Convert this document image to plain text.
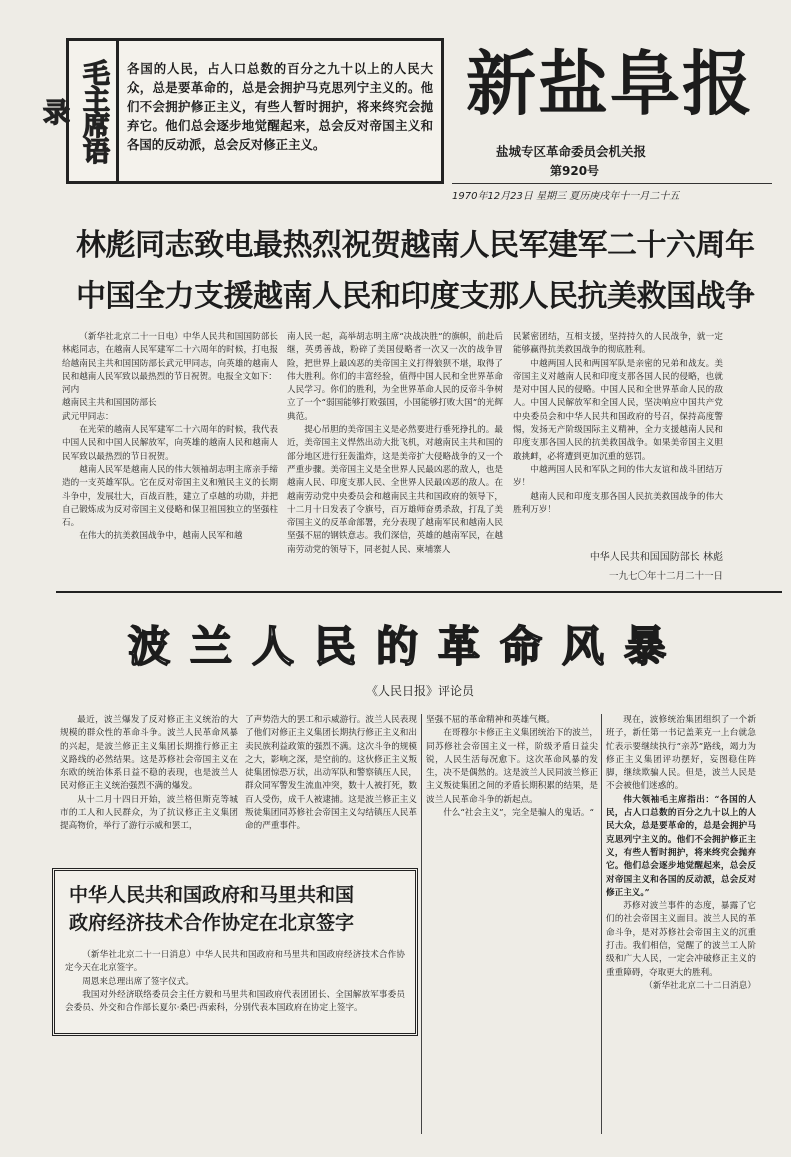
毛主席语录
各国的人民，占人口总数的百分之九十以上的人民大众，总是要革命的，总是会拥护马克思列宁主义的。他们不会拥护修正主义，有些人暂时拥护，将来终究会抛弃它。他们总会逐步地觉醒起来，总会反对帝国主义和各国的反动派，总会反对修正主义。
新盐阜报
盐城专区革命委员会机关报
第920号
1970年12月23日 星期三 夏历庚戌年十一月二十五
林彪同志致电最热烈祝贺越南人民军建军二十六周年
中国全力支援越南人民和印度支那人民抗美救国战争

（新华社北京二十一日电）中华人民共和国国防部长林彪同志，在越南人民军建军二十六周年的时候，打电报给越南民主共和国国防部长武元甲同志，向英雄的越南人民和越南人民军致以最热烈的节日祝贺。电报全文如下：

河内

越南民主共和国国防部长

武元甲同志：

在光荣的越南人民军建军二十六周年的时候，我代表中国人民和中国人民解放军，向英雄的越南人民和越南人民军致以最热烈的节日祝贺。

越南人民军是越南人民的伟大领袖胡志明主席亲手缔造的一支英雄军队。它在反对帝国主义和殖民主义的长期斗争中，发展壮大，百战百胜，建立了卓越的功勋，并把自己锻炼成为反对帝国主义侵略和保卫祖国独立的坚强柱石。

在伟大的抗美救国战争中，越南人民军和越

南人民一起，高举胡志明主席“决战决胜”的旗帜，前赴后继，英勇善战，粉碎了美国侵略者一次又一次的战争冒险，把世界上最凶恶的美帝国主义打得狼狈不堪，取得了伟大胜利。你们的丰富经验，值得中国人民和全世界革命人民学习。你们的胜利，为全世界革命人民的反帝斗争树立了一个“弱国能够打败强国，小国能够打败大国”的光辉典范。

提心吊胆的美帝国主义是必然要进行垂死挣扎的。最近，美帝国主义悍然出动大批飞机，对越南民主共和国的部分地区进行狂轰滥炸，这是美帝扩大侵略战争的又一个严重步骤。美帝国主义是全世界人民最凶恶的敌人，也是越南人民、印度支那人民、全世界人民最凶恶的敌人。在越南劳动党中央委员会和越南民主共和国政府的领导下，十二月十日发表了令旗号，百万雄师奋勇杀敌，打乱了美帝国主义的反革命部署，充分表现了越南军民和越南人民坚强不屈的钢铁意志。我们深信，英雄的越南军民，在越南劳动党的领导下，同老挝人民、柬埔寨人

民紧密团结，互相支援，坚持持久的人民战争，就一定能够赢得抗美救国战争的彻底胜利。

中越两国人民和两国军队是亲密的兄弟和战友。美帝国主义对越南人民和印度支那各国人民的侵略，也就是对中国人民的侵略。中国人民和全世界革命人民的敌人。中国人民解放军和全国人民，坚决响应中国共产党中央委员会和中华人民共和国政府的号召，保持高度警惕，发扬无产阶级国际主义精神，全力支援越南人民和印度支那各国人民的抗美救国战争。如果美帝国主义胆敢挑衅，必将遭到更加沉重的惩罚。

中越两国人民和军队之间的伟大友谊和战斗团结万岁！

越南人民和印度支那各国人民抗美救国战争的伟大胜利万岁！

中华人民共和国国防部长 林彪
一九七〇年十二月二十一日
波兰人民的革命风暴
《人民日报》评论员

最近，波兰爆发了反对修正主义统治的大规模的群众性的革命斗争。波兰人民革命风暴的兴起，是波兰修正主义集团长期推行修正主义路线的必然结果。这是苏修社会帝国主义在东欧的统治体系日益不稳的表现，也是波兰人民对修正主义统治强烈不满的爆发。

从十二月十四日开始，波兰格但斯克等城市的工人和人民群众，为了抗议修正主义集团提高物价，举行了游行示威和罢工，

了声势浩大的罢工和示威游行。波兰人民表现了他们对修正主义集团长期执行修正主义和出卖民族利益政策的强烈不满。这次斗争的规模之大，影响之深，是空前的。这伙修正主义叛徒集团惊恐万状，出动军队和警察镇压人民，群众同军警发生流血冲突，数十人被打死，数百人受伤，成千人被逮捕。这是波兰修正主义叛徒集团同苏修社会帝国主义勾结镇压人民革命的严重事件。

坚强不屈的革命精神和英雄气概。

在哥穆尔卡修正主义集团统治下的波兰，同苏修社会帝国主义一样，阶级矛盾日益尖锐，人民生活每况愈下。这次革命风暴的发生，决不是偶然的。这是波兰人民同波兰修正主义叛徒集团之间的矛盾长期积累的结果，是波兰人民革命斗争的新起点。

什么“社会主义”，完全是骗人的鬼话。“

现在，波修统治集团组织了一个新班子，新任第一书记盖莱克一上台就急忙表示要继续执行“亲苏”路线，竭力为修正主义集团评功摆好，妄图稳住阵脚，继续欺骗人民。但是，波兰人民是不会被他们迷惑的。

伟大领袖毛主席指出：“各国的人民，占人口总数的百分之九十以上的人民大众，总是要革命的，总是会拥护马克思列宁主义的。他们不会拥护修正主义，有些人暂时拥护，将来终究会抛弃它。他们总会逐步地觉醒起来，总会反对帝国主义和各国的反动派，总会反对修正主义。”

苏修对波兰事件的态度，暴露了它们的社会帝国主义面目。波兰人民的革命斗争，是对苏修社会帝国主义的沉重打击。我们相信，觉醒了的波兰工人阶级和广大人民，一定会冲破修正主义的重重障碍，夺取更大的胜利。

（新华社北京二十二日消息）

中华人民共和国政府和马里共和国
政府经济技术合作协定在北京签字

（新华社北京二十一日消息）中华人民共和国政府和马里共和国政府经济技术合作协定今天在北京签字。

周恩来总理出席了签字仪式。

我国对外经济联络委员会主任方毅和马里共和国政府代表团团长、全国解放军事委员会委员、外交和合作部长夏尔·桑巴·西索科，分别代表本国政府在协定上签字。
